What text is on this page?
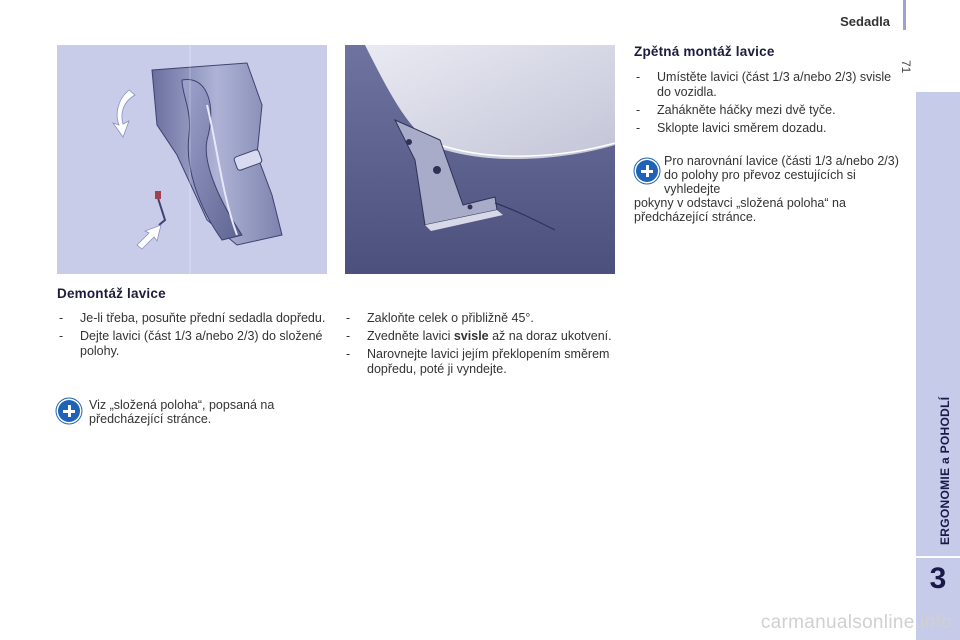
Sedadla
71
ERGONOMIE a POHODLÍ
3
Demontáž lavice
- Je-li třeba, posuňte přední sedadla dopředu.
- Dejte lavici (část 1/3 a/nebo 2/3) do složené polohy.
Viz „složená poloha“, popsaná na předcházející stránce.
- Zakloňte celek o přibližně 45°.
- Zvedněte lavici svisle až na doraz ukotvení.
- Narovnejte lavici jejím překlopením směrem dopředu, poté ji vyndejte.
Zpětná montáž lavice
- Umístěte lavici (část 1/3 a/nebo 2/3) svisle do vozidla.
- Zahákněte háčky mezi dvě tyče.
- Sklopte lavici směrem dozadu.
Pro narovnání lavice (části 1/3 a/nebo 2/3) do polohy pro převoz cestujících si vyhledejte
pokyny v odstavci „složená poloha“ na předcházející stránce.
carmanualsonline.info
